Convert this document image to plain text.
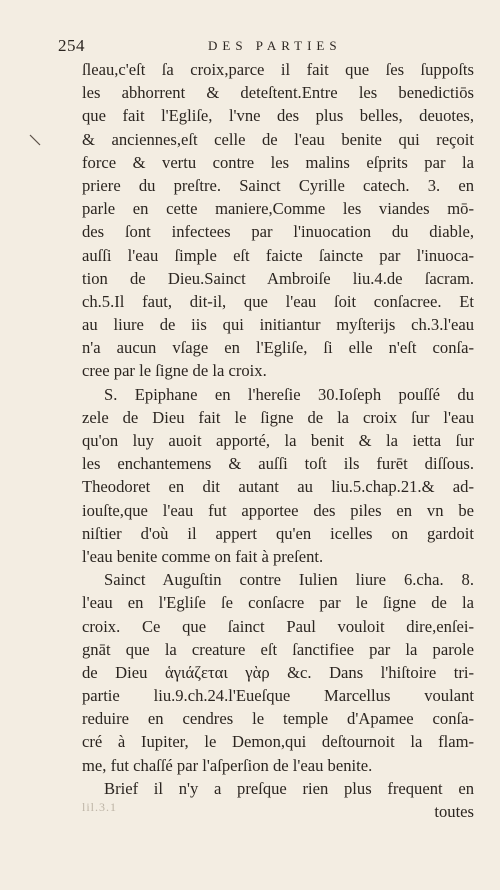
254	DES PARTIES
ſleau,c'eſt ſa croix,parce il fait que ſes ſuppoſts
les abhorrent & deteſtent.Entre les benedictiōs
que fait l'Egliſe, l'vne des plus belles, deuotes,
& anciennes,eſt celle de l'eau benite qui reçoit
force & vertu contre les malins eſprits par la
priere du preſtre. Sainct Cyrille catech. 3. en
parle en cette maniere,Comme les viandes mō-
des ſont infectees par l'inuocation du diable,
auſſi l'eau ſimple eſt faicte ſaincte par l'inuoca-
tion de Dieu.Sainct Ambroiſe liu.4.de ſacram.
ch.5.Il faut, dit-il, que l'eau ſoit conſacree. Et
au liure de iis qui initiantur myſterijs ch.3.l'eau
n'a aucun vſage en l'Egliſe, ſi elle n'eſt conſa-
cree par le ſigne de la croix.
S. Epiphane en l'hereſie 30.Ioſeph pouſſé du
zele de Dieu fait le ſigne de la croix ſur l'eau
qu'on luy auoit apporté, la benit & la ietta ſur
les enchantemens & auſſi toſt ils furēt diſſous.
Theodoret en dit autant au liu.5.chap.21.& ad-
iouſte,que l'eau fut apportee des piles en vn be
niſtier d'où il appert qu'en icelles on gardoit
l'eau benite comme on fait à preſent.
Sainct Auguſtin contre Iulien liure 6.cha. 8.
l'eau en l'Egliſe ſe conſacre par le ſigne de la
croix. Ce que ſainct Paul vouloit dire,enſei-
gnāt que la creature eſt ſanctifiee par la parole
de Dieu ἁγιάζεται γὰρ &c. Dans l'hiſtoire tri-
partie liu.9.ch.24.l'Eueſque Marcellus voulant
reduire en cendres le temple d'Apamee conſa-
cré à Iupiter, le Demon,qui deſtournoit la flam-
me, fut chaſſé par l'aſperſion de l'eau benite.
Brief il n'y a preſque rien plus frequent en
toutes
lil.3.1
